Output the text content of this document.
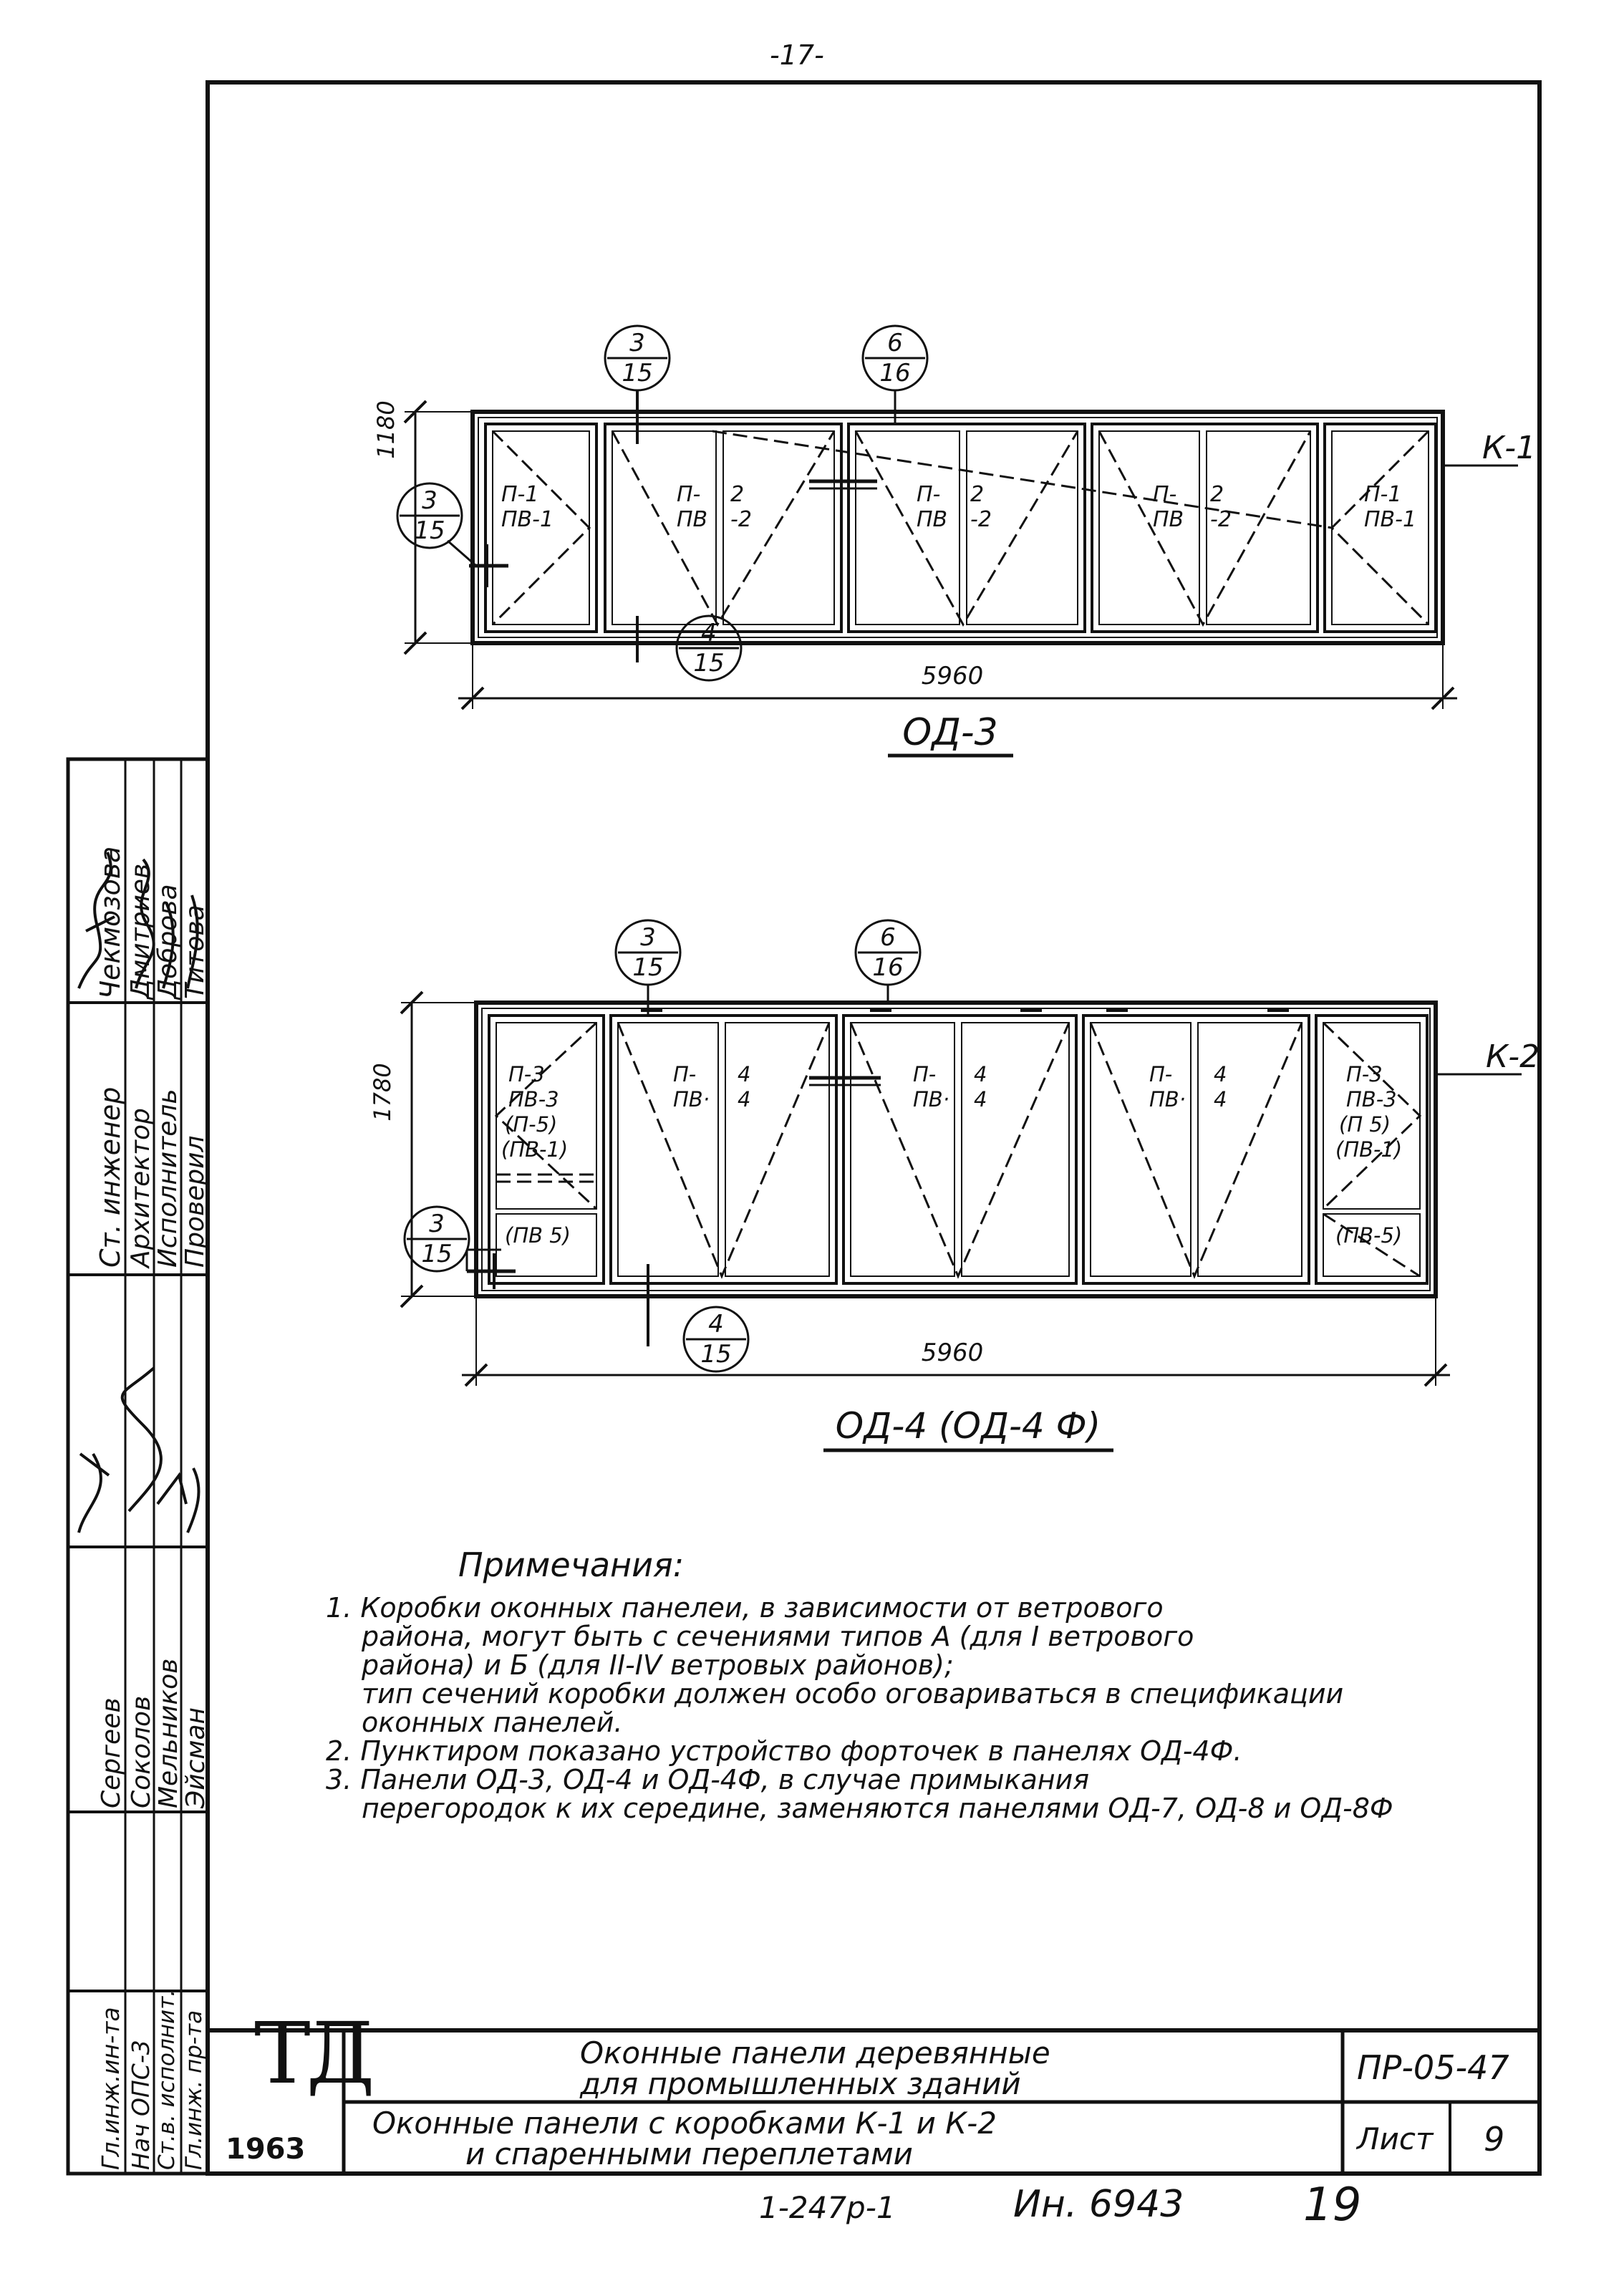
-17-
1180
5960
ОД-3
К-1
3
15
6
16
3
15
4
15
П-1
ПВ-1
П-
ПВ
2
-2
П-
ПВ
2
-2
П-
ПВ
2
-2
П-1
ПВ-1
1780
5960
ОД-4 (ОД-4 Ф)
К-2
3
15
6
16
3
15
4
15
П-3
ПВ-3
(П-5)
(ПВ-1)
(ПВ 5)
П-3
ПВ-3
(П 5)
(ПВ-1)
(ПВ-5)
П-
ПВ·
4
4
П-
ПВ·
4
4
П-
ПВ·
4
4
Примечания:
1. Коробки оконных панелеи, в зависимости от ветрового
района, могут быть с сечениями типов А (для I ветрового
района) и Б (для II-IV ветровых районов);
тип сечений коробки должен особо оговариваться в спецификации
оконных панелей.
2. Пунктиром показано устройство форточек в панелях ОД-4Ф.
3. Панели ОД-3, ОД-4 и ОД-4Ф, в случае примыкания
перегородок к их середине, заменяются панелями ОД-7, ОД-8 и ОД-8Ф
Ст. инженер Архитектор
Исполнитель
Проверил
Чекмозова Дмитриев
Доброва
Титова
Гл.инж.ин-та Нач ОПС-3 Ст.в. исполнит. Гл.инж. пр-та
Сергеев Соколов
Мельников
Эйсман
ТД
1963
Оконные панели деревянные
для промышленных зданий
Оконные панели с коробками К-1 и К-2
и спаренными переплетами
ПР-05-47
Лист 9
1-247р-1	Ин. 6943	19
